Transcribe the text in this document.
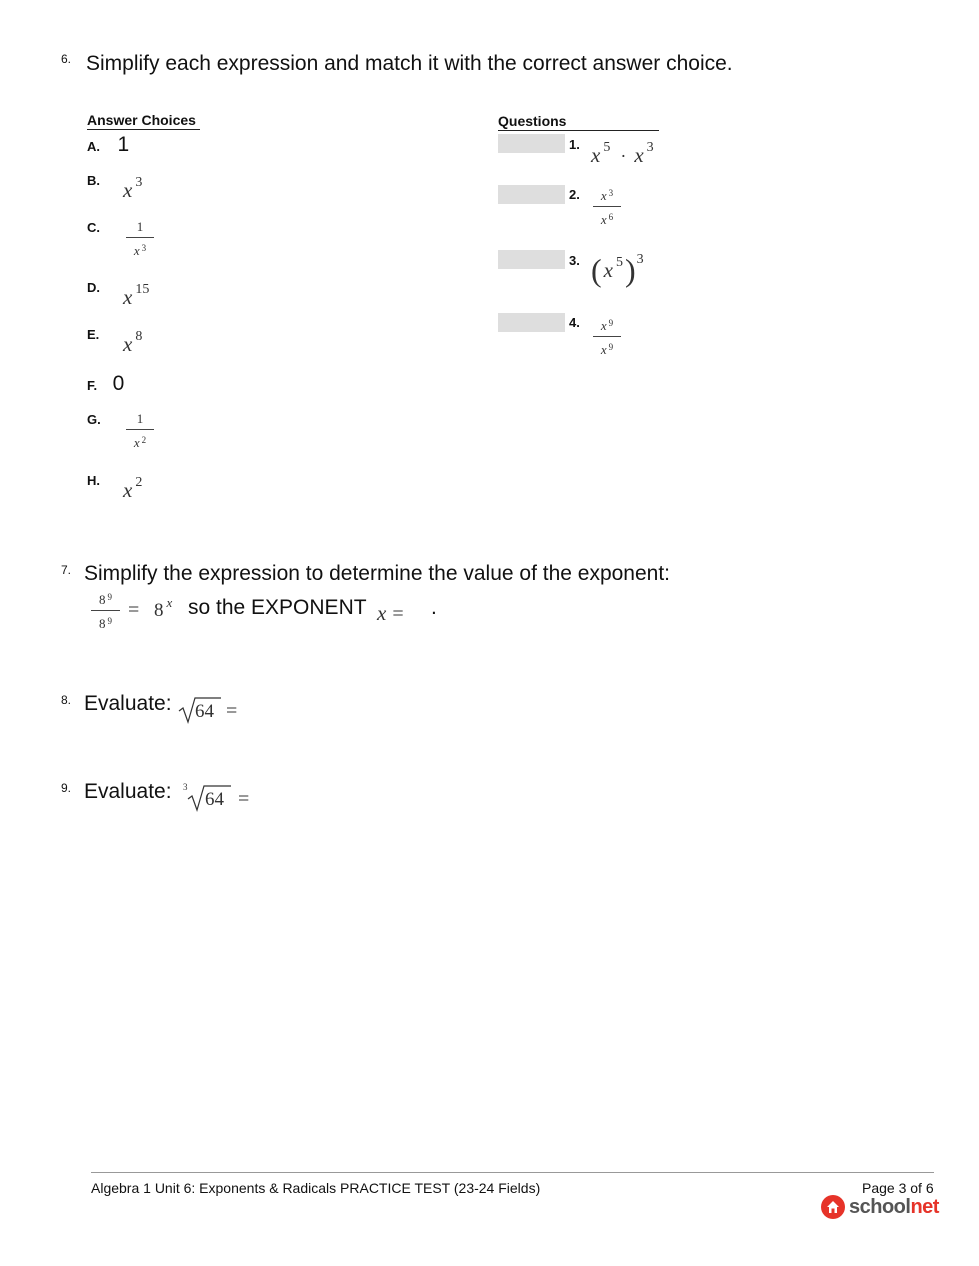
6. Simplify each expression and match it with the correct answer choice.
Answer Choices	Questions
A. 1
B. x 3
C.	1
x $^3$
D. x 15
E. x 8
F. 0
G.	1
x $^2$
H. x 2
1. x 5 · x 3
2. x $^3$
x $^6$
3. (x 5)3
4. x $^9$
x $^9$
7. Simplify the expression to determine the value of the exponent:
8 $^9$
8 $^9$ = 8 $^x$ so the EXPONENT x = .
8. Evaluate: 64 =
9. Evaluate: 3
64 =
Algebra 1 Unit 6: Exponents & Radicals PRACTICE TEST (23-24 Fields)	Page 3 of 6
schoolnet
